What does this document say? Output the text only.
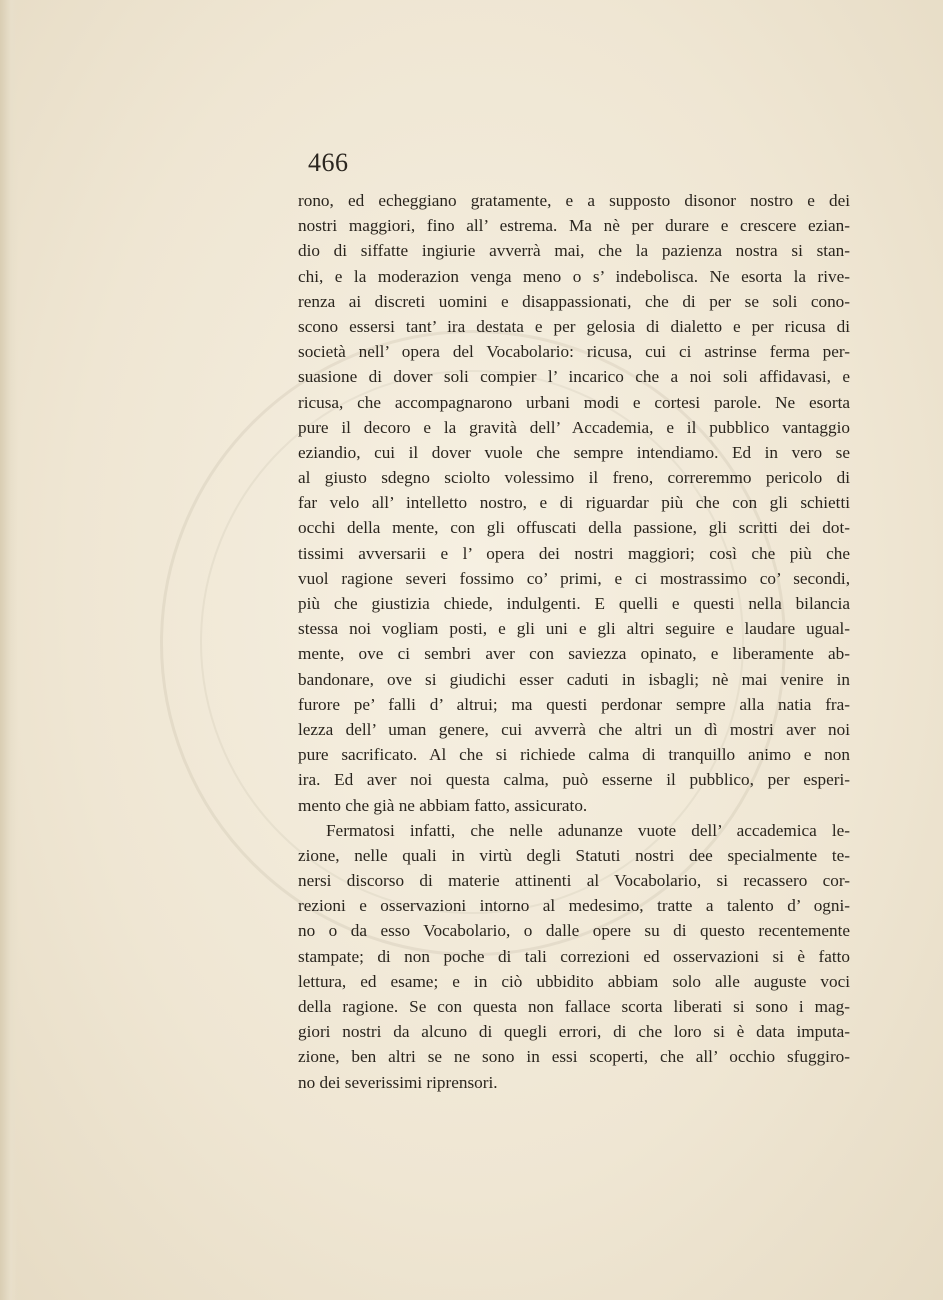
466
rono, ed echeggiano gratamente, e a supposto disonor nostro e dei
nostri maggiori, fino all’ estrema. Ma nè per durare e crescere ezian-
dio di siffatte ingiurie avverrà mai, che la pazienza nostra si stan-
chi, e la moderazion venga meno o s’ indebolisca. Ne esorta la rive-
renza ai discreti uomini e disappassionati, che di per se soli cono-
scono essersi tant’ ira destata e per gelosia di dialetto e per ricusa di
società nell’ opera del Vocabolario: ricusa, cui ci astrinse ferma per-
suasione di dover soli compier l’ incarico che a noi soli affidavasi, e
ricusa, che accompagnarono urbani modi e cortesi parole. Ne esorta
pure il decoro e la gravità dell’ Accademia, e il pubblico vantaggio
eziandio, cui il dover vuole che sempre intendiamo. Ed in vero se
al giusto sdegno sciolto volessimo il freno, correremmo pericolo di
far velo all’ intelletto nostro, e di riguardar più che con gli schietti
occhi della mente, con gli offuscati della passione, gli scritti dei dot-
tissimi avversarii e l’ opera dei nostri maggiori; così che più che
vuol ragione severi fossimo co’ primi, e ci mostrassimo co’ secondi,
più che giustizia chiede, indulgenti. E quelli e questi nella bilancia
stessa noi vogliam posti, e gli uni e gli altri seguire e laudare ugual-
mente, ove ci sembri aver con saviezza opinato, e liberamente ab-
bandonare, ove si giudichi esser caduti in isbagli; nè mai venire in
furore pe’ falli d’ altrui; ma questi perdonar sempre alla natia fra-
lezza dell’ uman genere, cui avverrà che altri un dì mostri aver noi
pure sacrificato. Al che si richiede calma di tranquillo animo e non
ira. Ed aver noi questa calma, può esserne il pubblico, per esperi-
mento che già ne abbiam fatto, assicurato.
Fermatosi infatti, che nelle adunanze vuote dell’ accademica le-
zione, nelle quali in virtù degli Statuti nostri dee specialmente te-
nersi discorso di materie attinenti al Vocabolario, si recassero cor-
rezioni e osservazioni intorno al medesimo, tratte a talento d’ ogni-
no o da esso Vocabolario, o dalle opere su di questo recentemente
stampate; di non poche di tali correzioni ed osservazioni si è fatto
lettura, ed esame; e in ciò ubbidito abbiam solo alle auguste voci
della ragione. Se con questa non fallace scorta liberati si sono i mag-
giori nostri da alcuno di quegli errori, di che loro si è data imputa-
zione, ben altri se ne sono in essi scoperti, che all’ occhio sfuggiro-
no dei severissimi riprensori.
